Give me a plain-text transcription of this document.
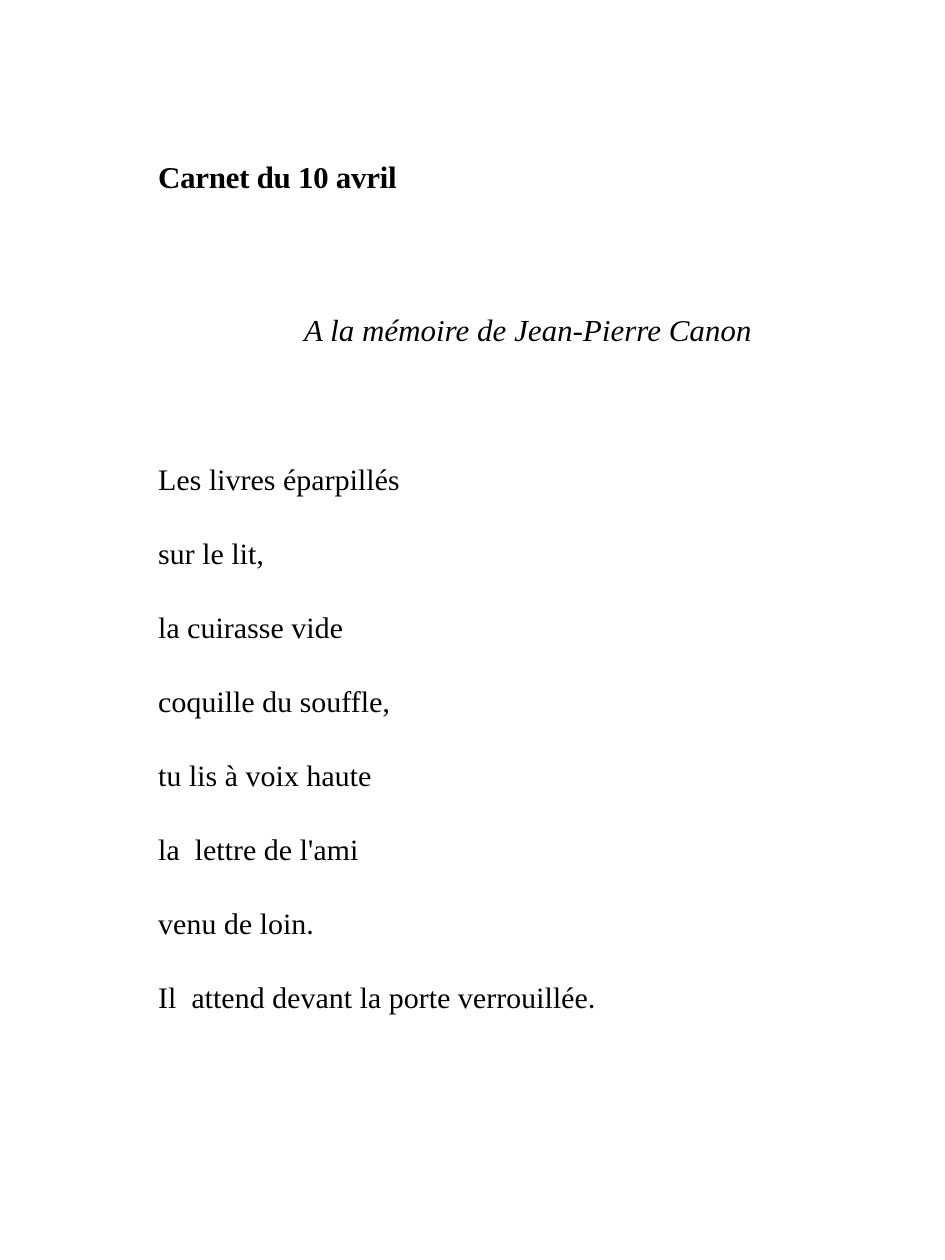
Carnet du 10 avril

A la mémoire de Jean-Pierre Canon

Les livres éparpillés
sur le lit,
la cuirasse vide
coquille du souffle,
tu lis à voix haute
la  lettre de l'ami
venu de loin.
Il  attend devant la porte verrouillée.
